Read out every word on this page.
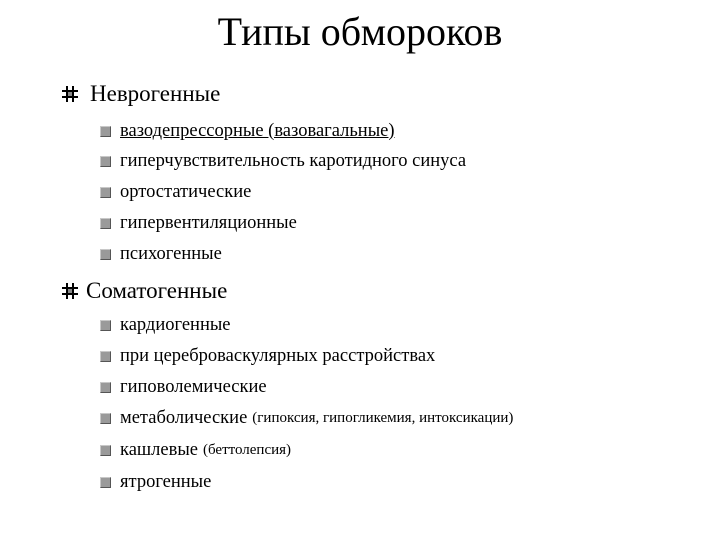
Типы обмороков
Неврогенные
вазодепрессорные (вазовагальные)
гиперчувствительность каротидного синуса
ортостатические
гипервентиляционные
психогенные
Соматогенные
кардиогенные
при цереброваскулярных расстройствах
гиповолемические
метаболические (гипоксия, гипогликемия, интоксикации)
кашлевые (беттолепсия)
ятрогенные
